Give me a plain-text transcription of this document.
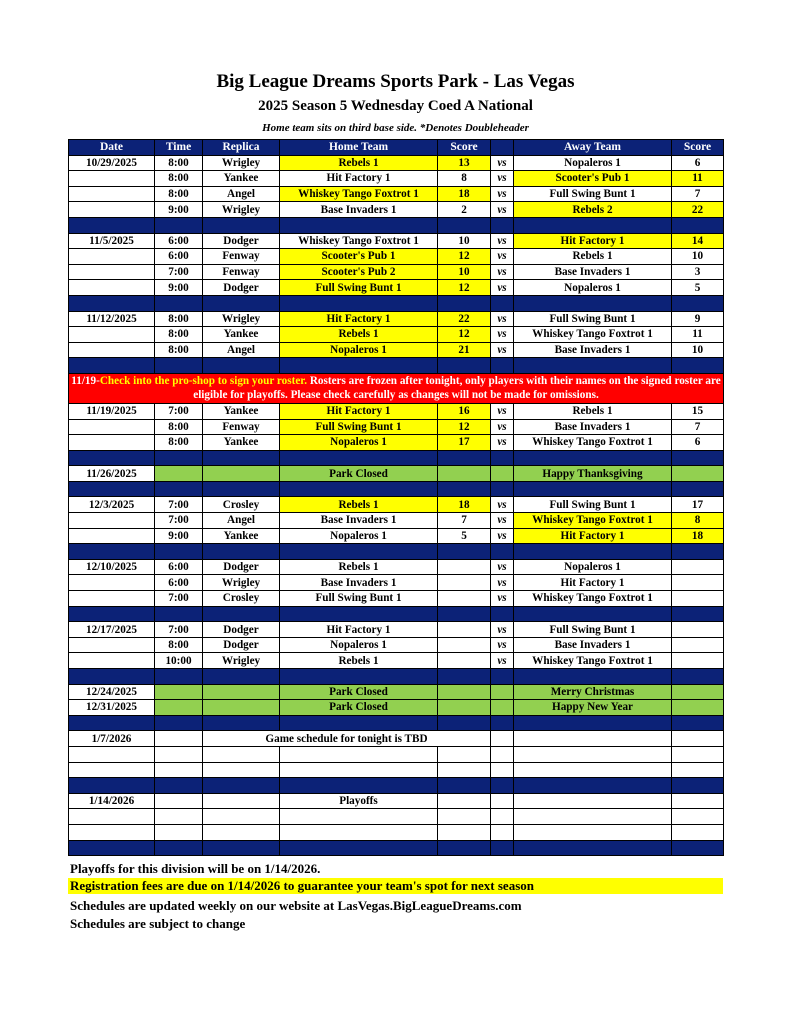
Big League Dreams Sports Park - Las Vegas
2025 Season 5 Wednesday Coed A National
Home team sits on third base side. *Denotes Doubleheader
Date	Time	Replica	Home Team	Score		Away Team	Score
10/29/2025	8:00	Wrigley	Rebels 1	13	vs	Nopaleros 1	6
	8:00	Yankee	Hit Factory 1	8	vs	Scooter's Pub 1	11
	8:00	Angel	Whiskey Tango Foxtrot 1	18	vs	Full Swing Bunt 1	7
	9:00	Wrigley	Base Invaders 1	2	vs	Rebels 2	22

11/5/2025	6:00	Dodger	Whiskey Tango Foxtrot 1	10	vs	Hit Factory 1	14
	6:00	Fenway	Scooter's Pub 1	12	vs	Rebels 1	10
	7:00	Fenway	Scooter's Pub 2	10	vs	Base Invaders 1	3
	9:00	Dodger	Full Swing Bunt 1	12	vs	Nopaleros 1	5

11/12/2025	8:00	Wrigley	Hit Factory 1	22	vs	Full Swing Bunt 1	9
	8:00	Yankee	Rebels 1	12	vs	Whiskey Tango Foxtrot 1	11
	8:00	Angel	Nopaleros 1	21	vs	Base Invaders 1	10

11/19-Check into the pro-shop to sign your roster. Rosters are frozen after tonight, only players with their names on the signed roster are eligible for playoffs. Please check carefully as changes will not be made for omissions.							
11/19/2025	7:00	Yankee	Hit Factory 1	16	vs	Rebels 1	15
	8:00	Fenway	Full Swing Bunt 1	12	vs	Base Invaders 1	7
	8:00	Yankee	Nopaleros 1	17	vs	Whiskey Tango Foxtrot 1	6

11/26/2025			Park Closed			Happy Thanksgiving	

12/3/2025	7:00	Crosley	Rebels 1	18	vs	Full Swing Bunt 1	17
	7:00	Angel	Base Invaders 1	7	vs	Whiskey Tango Foxtrot 1	8
	9:00	Yankee	Nopaleros 1	5	vs	Hit Factory 1	18

12/10/2025	6:00	Dodger	Rebels 1		vs	Nopaleros 1	
	6:00	Wrigley	Base Invaders 1		vs	Hit Factory 1	
	7:00	Crosley	Full Swing Bunt 1		vs	Whiskey Tango Foxtrot 1	

12/17/2025	7:00	Dodger	Hit Factory 1		vs	Full Swing Bunt 1	
	8:00	Dodger	Nopaleros 1		vs	Base Invaders 1	
	10:00	Wrigley	Rebels 1		vs	Whiskey Tango Foxtrot 1	

12/24/2025			Park Closed			Merry Christmas	
12/31/2025			Park Closed			Happy New Year	

1/7/2026		Game schedule for tonight is TBD					

1/14/2026			Playoffs				

Playoffs for this division will be on 1/14/2026.
Registration fees are due on 1/14/2026 to guarantee your team's spot for next season
Schedules are updated weekly on our website at LasVegas.BigLeagueDreams.com
Schedules are subject to change
